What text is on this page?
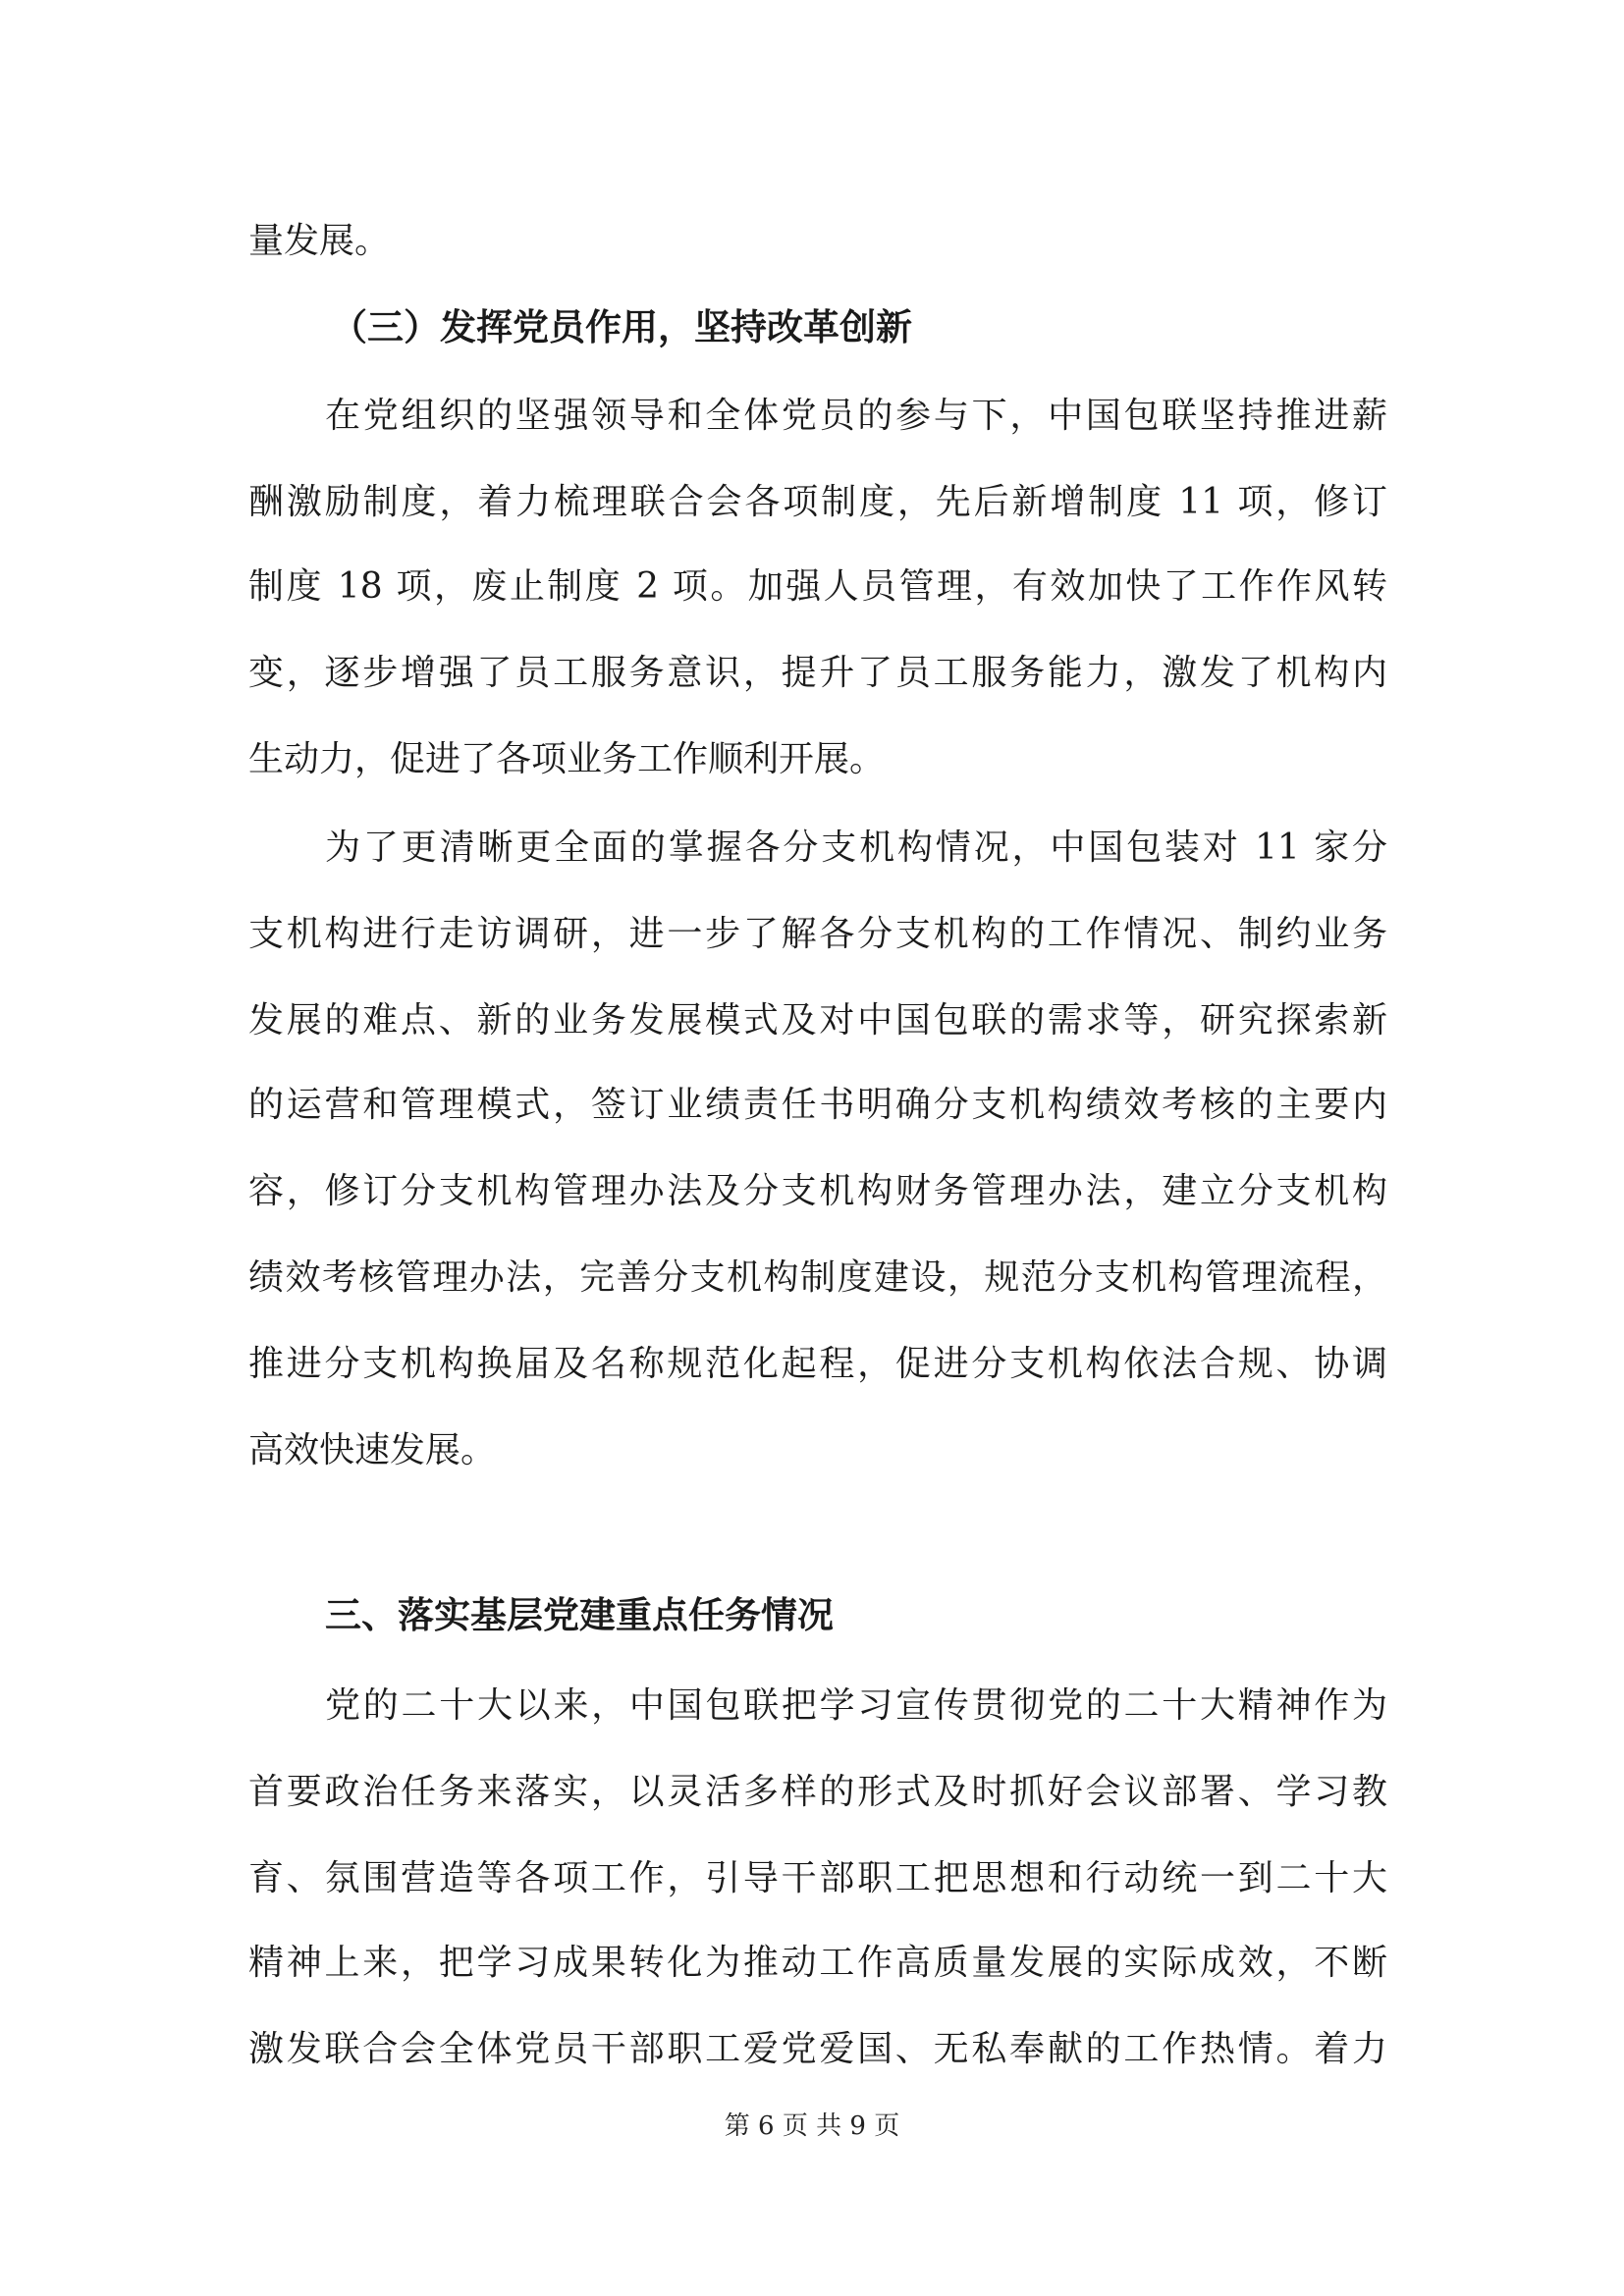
量发展。
（三）发挥党员作用，坚持改革创新
在党组织的坚强领导和全体党员的参与下，中国包联坚持推进薪
酬激励制度，着力梳理联合会各项制度，先后新增制度 11 项，修订
制度 18 项，废止制度 2 项。加强人员管理，有效加快了工作作风转
变，逐步增强了员工服务意识，提升了员工服务能力，激发了机构内
生动力，促进了各项业务工作顺利开展。
为了更清晰更全面的掌握各分支机构情况，中国包装对 11 家分
支机构进行走访调研，进一步了解各分支机构的工作情况、制约业务
发展的难点、新的业务发展模式及对中国包联的需求等，研究探索新
的运营和管理模式，签订业绩责任书明确分支机构绩效考核的主要内
容，修订分支机构管理办法及分支机构财务管理办法，建立分支机构
绩效考核管理办法，完善分支机构制度建设，规范分支机构管理流程，
推进分支机构换届及名称规范化起程，促进分支机构依法合规、协调
高效快速发展。
三、落实基层党建重点任务情况
党的二十大以来，中国包联把学习宣传贯彻党的二十大精神作为
首要政治任务来落实，以灵活多样的形式及时抓好会议部署、学习教
育、氛围营造等各项工作，引导干部职工把思想和行动统一到二十大
精神上来，把学习成果转化为推动工作高质量发展的实际成效，不断
激发联合会全体党员干部职工爱党爱国、无私奉献的工作热情。着力
第 6 页 共 9 页
